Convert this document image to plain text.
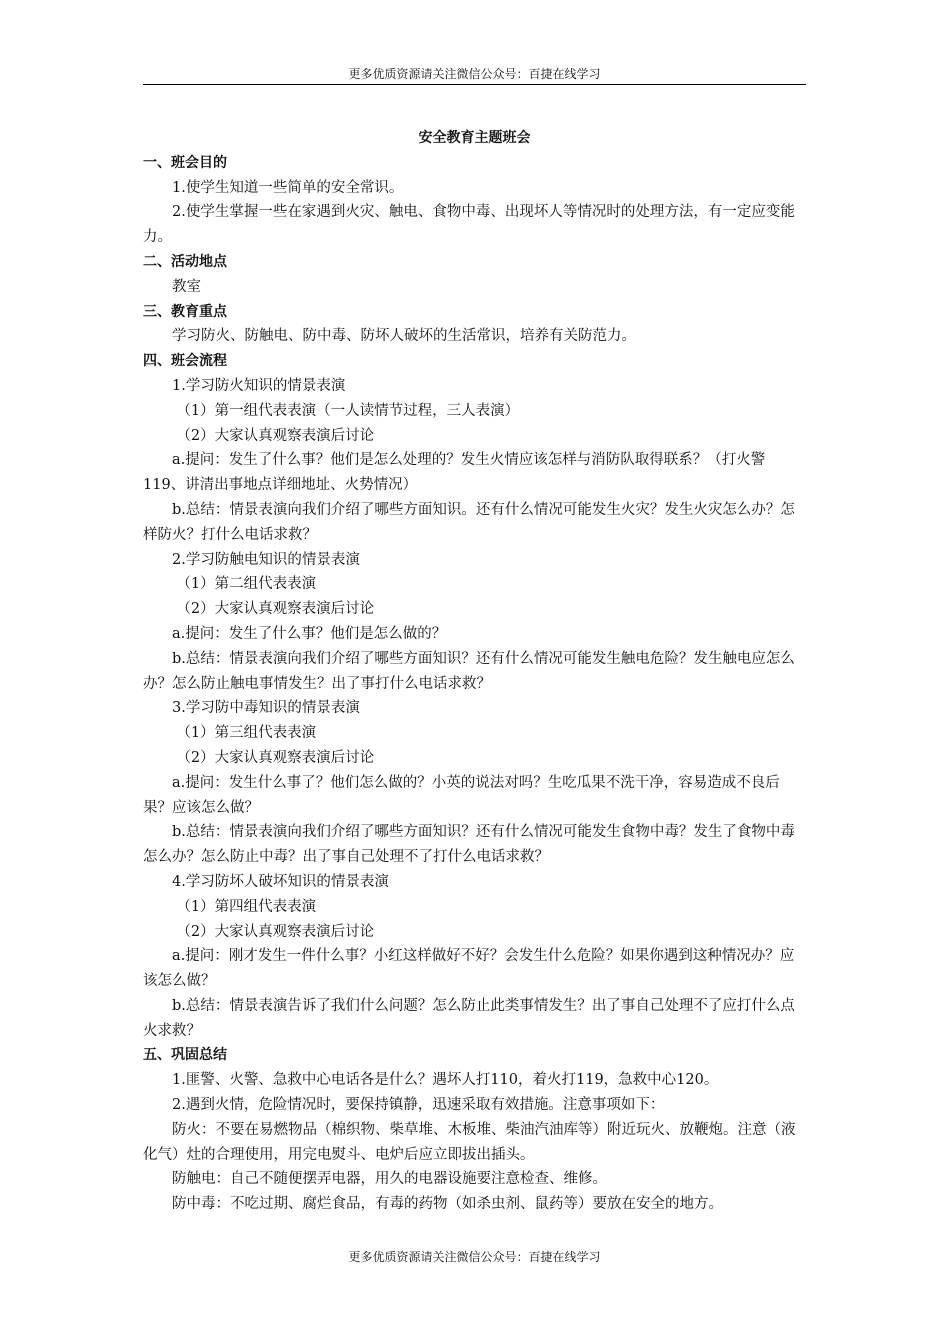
更多优质资源请关注微信公众号：百捷在线学习
安全教育主题班会
一、班会目的
1.使学生知道一些简单的安全常识。
2.使学生掌握一些在家遇到火灾、触电、食物中毒、出现坏人等情况时的处理方法，有一定应变能力。
二、活动地点
教室
三、教育重点
学习防火、防触电、防中毒、防坏人破坏的生活常识，培养有关防范力。
四、班会流程
1.学习防火知识的情景表演
（1）第一组代表表演（一人读情节过程，三人表演）
（2）大家认真观察表演后讨论
a.提问：发生了什么事？他们是怎么处理的？发生火情应该怎样与消防队取得联系？（打火警119、讲清出事地点详细地址、火势情况）
b.总结：情景表演向我们介绍了哪些方面知识。还有什么情况可能发生火灾？发生火灾怎么办？怎样防火？打什么电话求救？
2.学习防触电知识的情景表演
（1）第二组代表表演
（2）大家认真观察表演后讨论
a.提问：发生了什么事？他们是怎么做的？
b.总结：情景表演向我们介绍了哪些方面知识？还有什么情况可能发生触电危险？发生触电应怎么办？怎么防止触电事情发生？出了事打什么电话求救？
3.学习防中毒知识的情景表演
（1）第三组代表表演
（2）大家认真观察表演后讨论
a.提问：发生什么事了？他们怎么做的？小英的说法对吗？生吃瓜果不洗干净，容易造成不良后果？应该怎么做？
b.总结：情景表演向我们介绍了哪些方面知识？还有什么情况可能发生食物中毒？发生了食物中毒怎么办？怎么防止中毒？出了事自己处理不了打什么电话求救？
4.学习防坏人破坏知识的情景表演
（1）第四组代表表演
（2）大家认真观察表演后讨论
a.提问：刚才发生一件什么事？小红这样做好不好？会发生什么危险？如果你遇到这种情况办？应该怎么做？
b.总结：情景表演告诉了我们什么问题？怎么防止此类事情发生？出了事自己处理不了应打什么点火求救？
五、巩固总结
1.匪警、火警、急救中心电话各是什么？遇坏人打110，着火打119，急救中心120。
2.遇到火情，危险情况时，要保持镇静，迅速采取有效措施。注意事项如下：
防火：不要在易燃物品（棉织物、柴草堆、木板堆、柴油汽油库等）附近玩火、放鞭炮。注意（液化气）灶的合理使用，用完电熨斗、电炉后应立即拔出插头。
防触电：自己不随便摆弄电器，用久的电器设施要注意检查、维修。
防中毒：不吃过期、腐烂食品，有毒的药物（如杀虫剂、鼠药等）要放在安全的地方。
更多优质资源请关注微信公众号：百捷在线学习
